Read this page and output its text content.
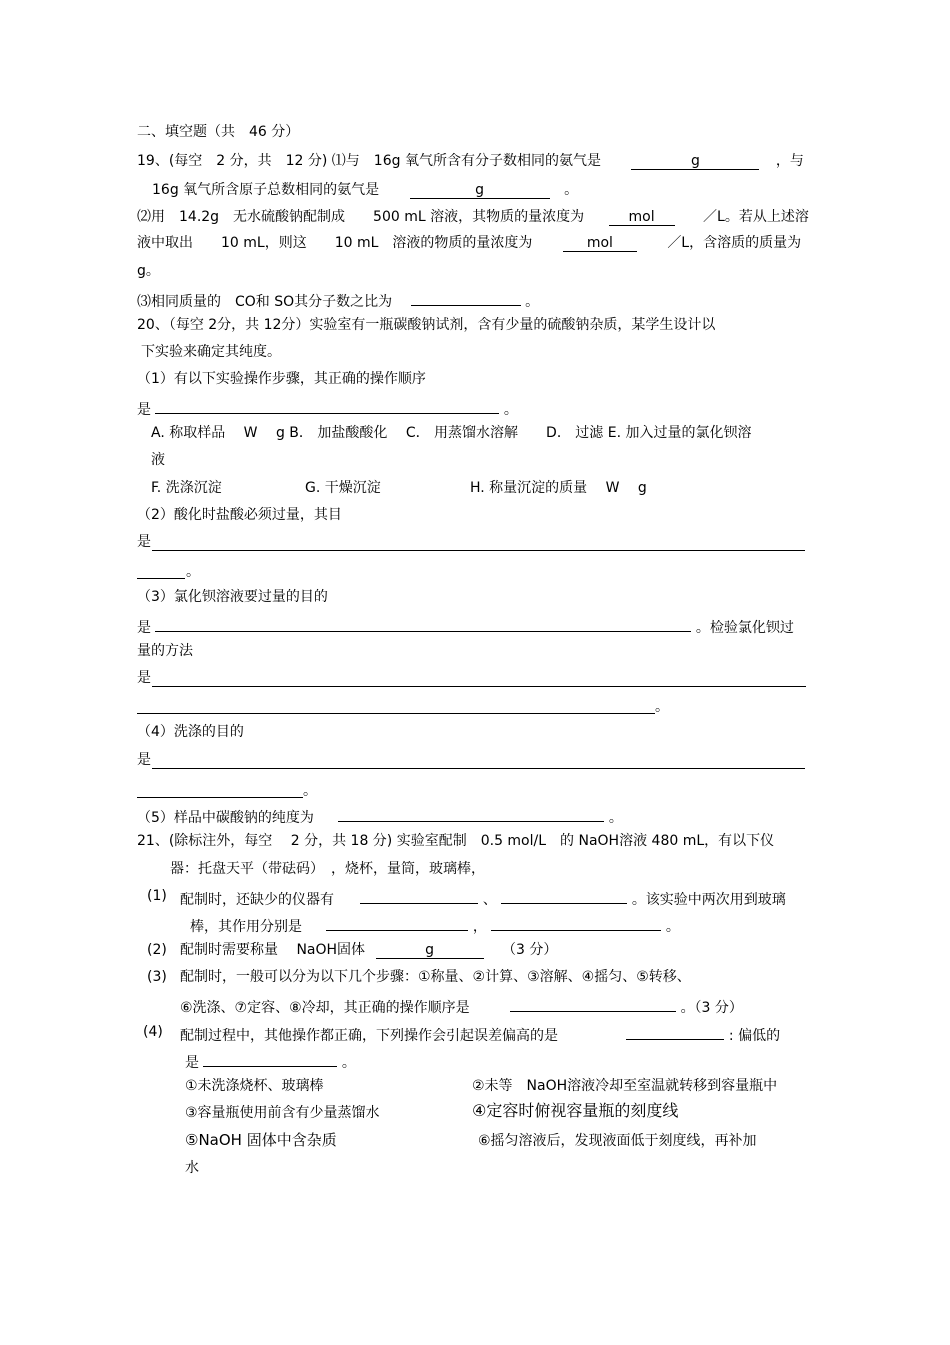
二、填空题（共　46 分）
19、(每空　2 分，共　12 分) ⑴与　16g 氧气所含有分子数相同的氨气是	g	，与
16g 氧气所含原子总数相同的氨气是	g	。
⑵用　14.2g　无水硫酸钠配制成　　500 mL 溶液，其物质的量浓度为	mol	／L。若从上述溶
液中取出　　10 mL，则这　　10 mL　溶液的物质的量浓度为	mol	／L，含溶质的质量为
g。
⑶相同质量的　CO和 SO其分子数之比为	。
20、（每空 2分，共 12分）实验室有一瓶碳酸钠试剂，含有少量的硫酸钠杂质，某学生设计以
下实验来确定其纯度。
（1）有以下实验操作步骤，其正确的操作顺序
是	。
A. 称取样品　 W　 g B． 加盐酸酸化　 C． 用蒸馏水溶解　　D． 过滤 E. 加入过量的氯化钡溶
液
F. 洗涤沉淀	G. 干燥沉淀	H. 称量沉淀的质量　 W　 g
（2）酸化时盐酸必须过量，其目
是
。
（3）氯化钡溶液要过量的目的
是	。检验氯化钡过
量的方法
是
。
（4）洗涤的目的
是
。
（5）样品中碳酸钠的纯度为	。
21、(除标注外，每空　 2 分，共 18 分) 实验室配制　0.5 mol/L　的 NaOH溶液 480 mL，有以下仪
器：托盘天平（带砝码）　，烧杯，量筒，玻璃棒，
(1) 配制时，还缺少的仪器有	、	。该实验中两次用到玻璃
棒，其作用分别是	，	。
(2) 配制时需要称量　 NaOH固体	g	（3 分）
(3) 配制时，一般可以分为以下几个步骤：①称量、②计算、③溶解、④摇匀、⑤转移、
⑥洗涤、⑦定容、⑧冷却，其正确的操作顺序是	。（3 分）
(4) 配制过程中，其他操作都正确，下列操作会引起误差偏高的是	: 偏低的
是	。
①未洗涤烧杯、玻璃棒	②未等　NaOH溶液冷却至室温就转移到容量瓶中
③容量瓶使用前含有少量蒸馏水	④定容时俯视容量瓶的刻度线
⑤NaOH 固体中含杂质	⑥摇匀溶液后，发现液面低于刻度线，再补加
水
